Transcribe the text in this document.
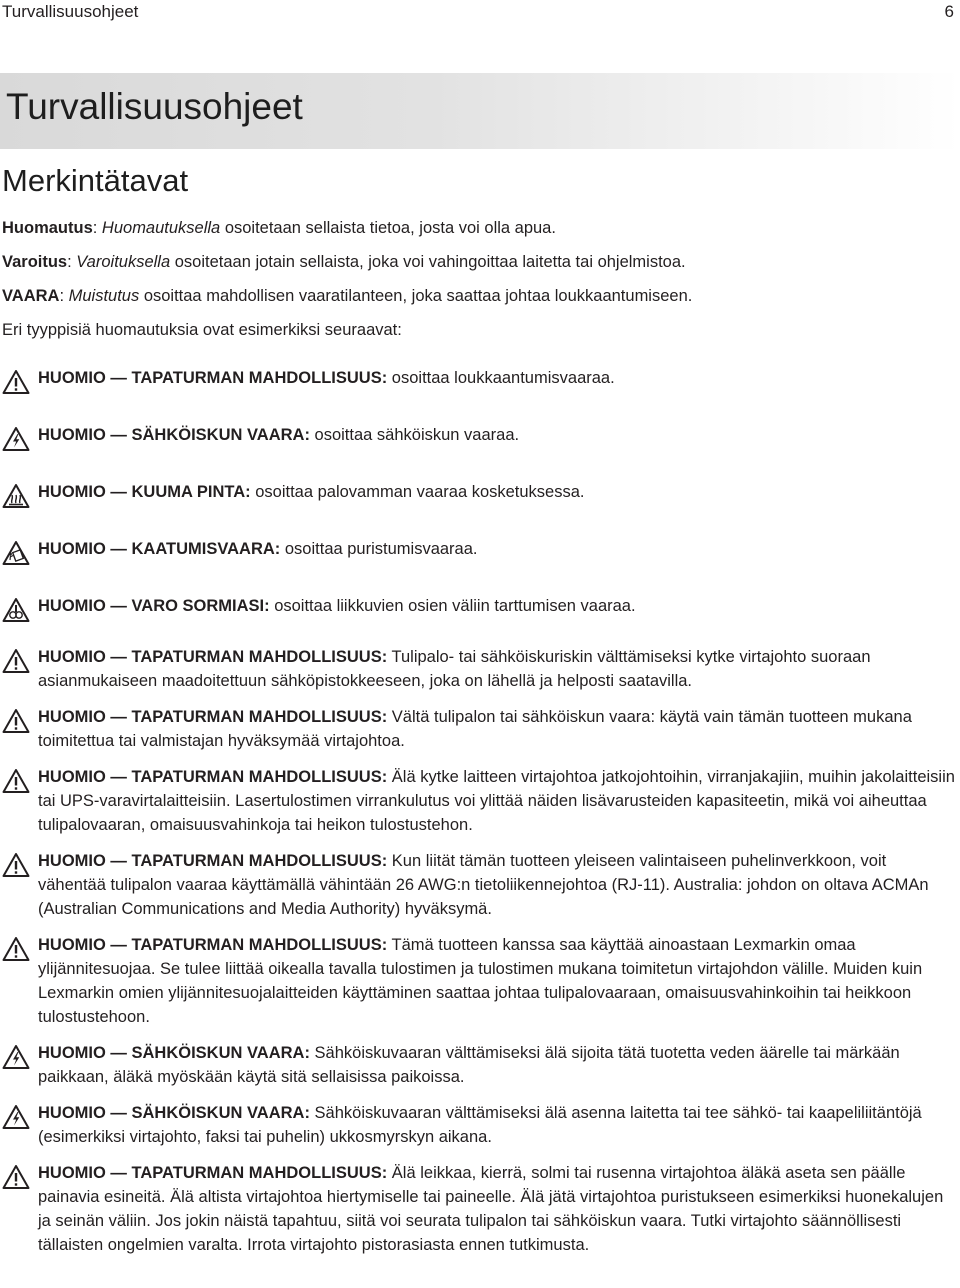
Turvallisuusohjeet	6
Turvallisuusohjeet
Merkintätavat

Huomautus: Huomautuksella osoitetaan sellaista tietoa, josta voi olla apua.

Varoitus: Varoituksella osoitetaan jotain sellaista, joka voi vahingoittaa laitetta tai ohjelmistoa.

VAARA: Muistutus osoittaa mahdollisen vaaratilanteen, joka saattaa johtaa loukkaantumiseen.

Eri tyyppisiä huomautuksia ovat esimerkiksi seuraavat:

HUOMIO — TAPATURMAN MAHDOLLISUUS: osoittaa loukkaantumisvaaraa.
HUOMIO — SÄHKÖISKUN VAARA: osoittaa sähköiskun vaaraa.
HUOMIO — KUUMA PINTA: osoittaa palovamman vaaraa kosketuksessa.
HUOMIO — KAATUMISVAARA: osoittaa puristumisvaaraa.
HUOMIO — VARO SORMIASI: osoittaa liikkuvien osien väliin tarttumisen vaaraa.
HUOMIO — TAPATURMAN MAHDOLLISUUS: Tulipalo- tai sähköiskuriskin välttämiseksi kytke virtajohto suoraan asianmukaiseen maadoitettuun sähköpistokkeeseen, joka on lähellä ja helposti saatavilla.
HUOMIO — TAPATURMAN MAHDOLLISUUS: Vältä tulipalon tai sähköiskun vaara: käytä vain tämän tuotteen mukana toimitettua tai valmistajan hyväksymää virtajohtoa.
HUOMIO — TAPATURMAN MAHDOLLISUUS: Älä kytke laitteen virtajohtoa jatkojohtoihin, virranjakajiin, muihin jakolaitteisiin tai UPS-varavirtalaitteisiin. Lasertulostimen virrankulutus voi ylittää näiden lisävarusteiden kapasiteetin, mikä voi aiheuttaa tulipalovaaran, omaisuusvahinkoja tai heikon tulostustehon.
HUOMIO — TAPATURMAN MAHDOLLISUUS: Kun liität tämän tuotteen yleiseen valintaiseen puhelinverkkoon, voit vähentää tulipalon vaaraa käyttämällä vähintään 26 AWG:n tietoliikennejohtoa (RJ-11). Australia: johdon on oltava ACMAn (Australian Communications and Media Authority) hyväksymä.
HUOMIO — TAPATURMAN MAHDOLLISUUS: Tämä tuotteen kanssa saa käyttää ainoastaan Lexmarkin omaa ylijännitesuojaa. Se tulee liittää oikealla tavalla tulostimen ja tulostimen mukana toimitetun virtajohdon välille. Muiden kuin Lexmarkin omien ylijännitesuojalaitteiden käyttäminen saattaa johtaa tulipalovaaraan, omaisuusvahinkoihin tai heikkoon tulostustehoon.
HUOMIO — SÄHKÖISKUN VAARA: Sähköiskuvaaran välttämiseksi älä sijoita tätä tuotetta veden äärelle tai märkään paikkaan, äläkä myöskään käytä sitä sellaisissa paikoissa.
HUOMIO — SÄHKÖISKUN VAARA: Sähköiskuvaaran välttämiseksi älä asenna laitetta tai tee sähkö- tai kaapeliliitäntöjä (esimerkiksi virtajohto, faksi tai puhelin) ukkosmyrskyn aikana.
HUOMIO — TAPATURMAN MAHDOLLISUUS: Älä leikkaa, kierrä, solmi tai rusenna virtajohtoa äläkä aseta sen päälle painavia esineitä. Älä altista virtajohtoa hiertymiselle tai paineelle. Älä jätä virtajohtoa puristukseen esimerkiksi huonekalujen ja seinän väliin. Jos jokin näistä tapahtuu, siitä voi seurata tulipalon tai sähköiskun vaara. Tutki virtajohto säännöllisesti tällaisten ongelmien varalta. Irrota virtajohto pistorasiasta ennen tutkimusta.
